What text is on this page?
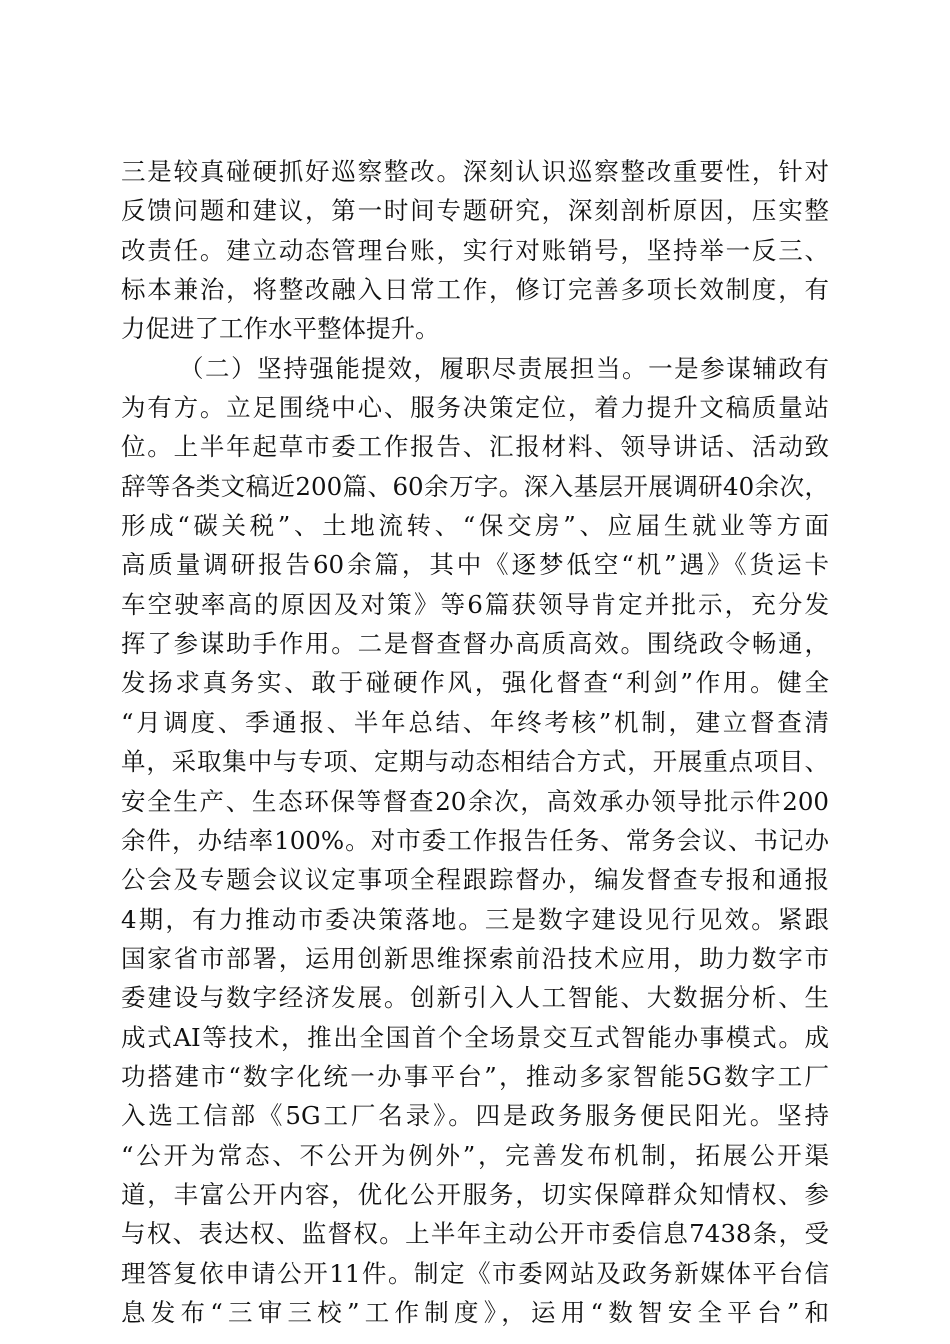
三是较真碰硬抓好巡察整改。深刻认识巡察整改重要性，针对
反馈问题和建议，第一时间专题研究，深刻剖析原因，压实整
改责任。建立动态管理台账，实行对账销号，坚持举一反三、
标本兼治，将整改融入日常工作，修订完善多项长效制度，有
力促进了工作水平整体提升。
（二）坚持强能提效，履职尽责展担当。一是参谋辅政有
为有方。立足围绕中心、服务决策定位，着力提升文稿质量站
位。上半年起草市委工作报告、汇报材料、领导讲话、活动致
辞等各类文稿近200篇、60余万字。深入基层开展调研40余次，
形成“碳关税”、土地流转、“保交房”、应届生就业等方面
高质量调研报告60余篇，其中《逐梦低空“机”遇》《货运卡
车空驶率高的原因及对策》等6篇获领导肯定并批示，充分发
挥了参谋助手作用。二是督查督办高质高效。围绕政令畅通，
发扬求真务实、敢于碰硬作风，强化督查“利剑”作用。健全
“月调度、季通报、半年总结、年终考核”机制，建立督查清
单，采取集中与专项、定期与动态相结合方式，开展重点项目、
安全生产、生态环保等督查20余次，高效承办领导批示件200
余件，办结率100%。对市委工作报告任务、常务会议、书记办
公会及专题会议议定事项全程跟踪督办，编发督查专报和通报
4期，有力推动市委决策落地。三是数字建设见行见效。紧跟
国家省市部署，运用创新思维探索前沿技术应用，助力数字市
委建设与数字经济发展。创新引入人工智能、大数据分析、生
成式AI等技术，推出全国首个全场景交互式智能办事模式。成
功搭建市“数字化统一办事平台”，推动多家智能5G数字工厂
入选工信部《5G工厂名录》。四是政务服务便民阳光。坚持
“公开为常态、不公开为例外”，完善发布机制，拓展公开渠
道，丰富公开内容，优化公开服务，切实保障群众知情权、参
与权、表达权、监督权。上半年主动公开市委信息7438条，受
理答复依申请公开11件。制定《市委网站及政务新媒体平台信
息发布“三审三校”工作制度》，运用“数智安全平台”和
